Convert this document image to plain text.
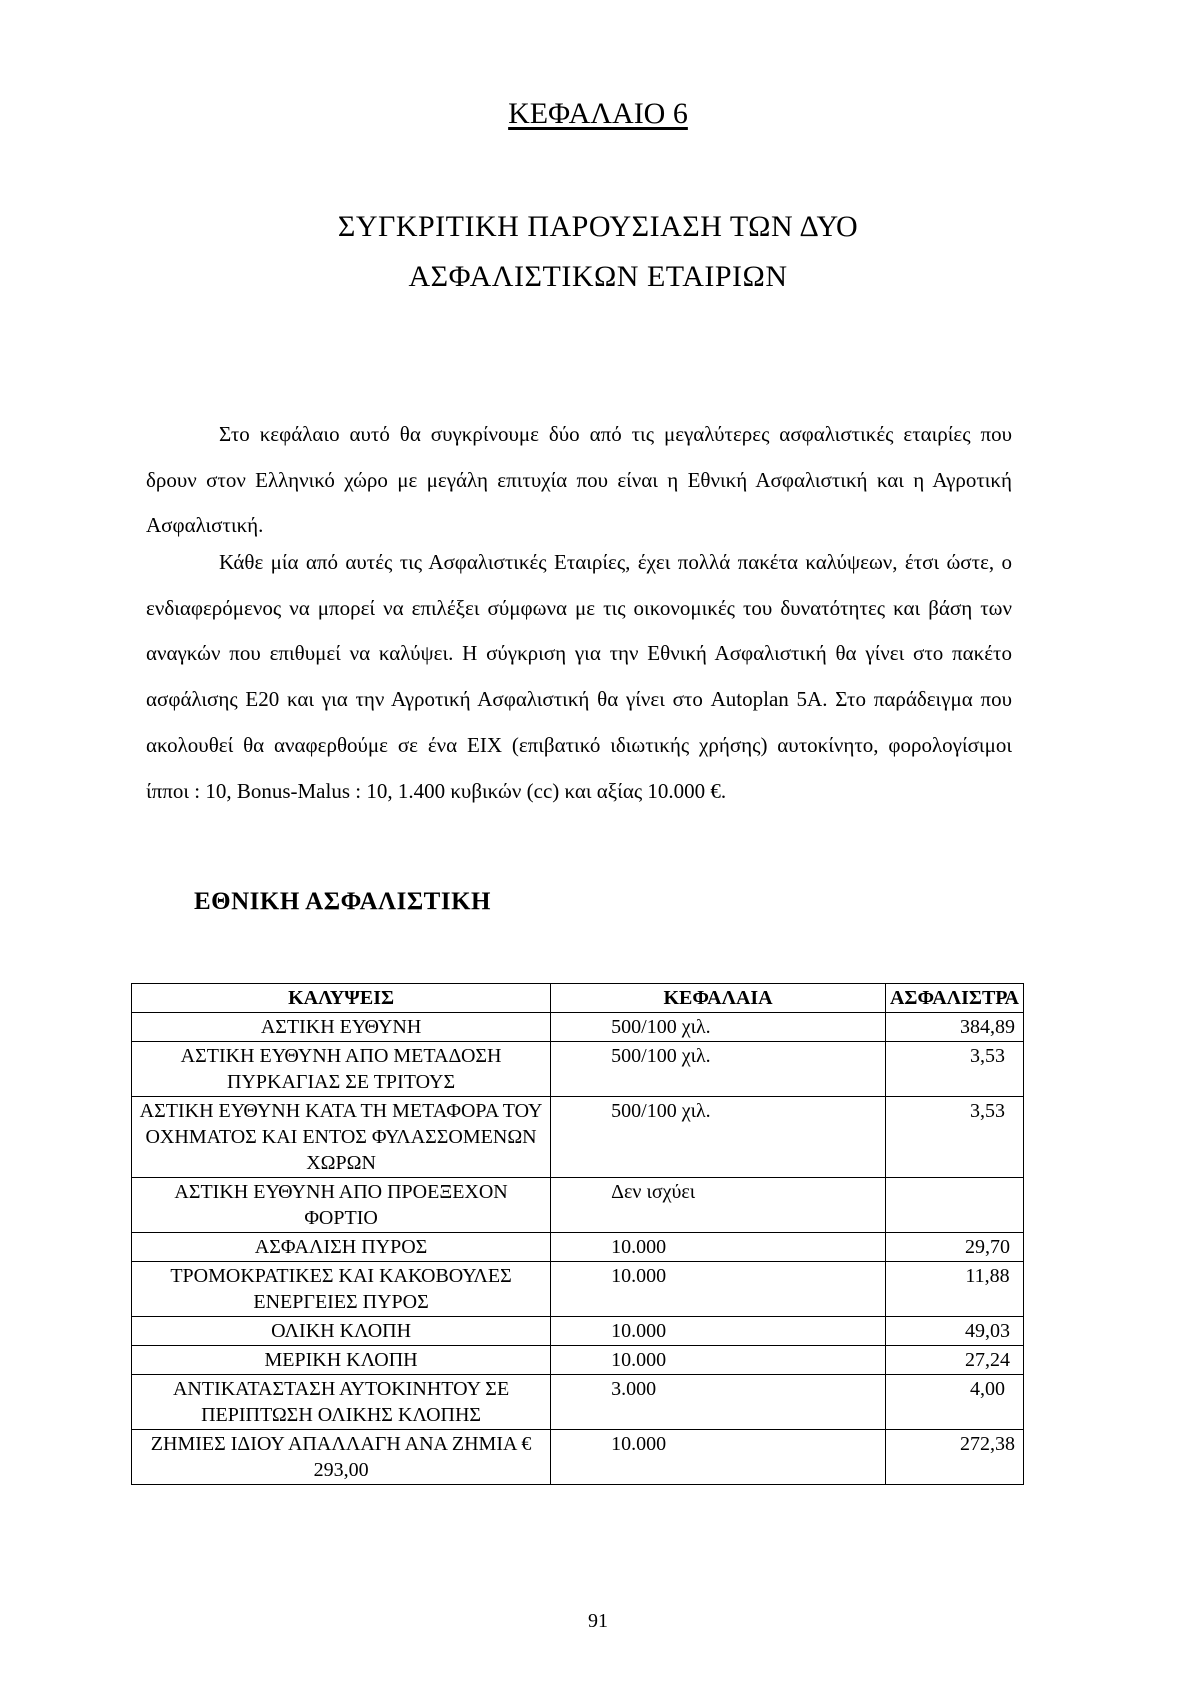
ΚΕΦΑΛΑΙΟ 6
ΣΥΓΚΡΙΤΙΚΗ ΠΑΡΟΥΣΙΑΣΗ ΤΩΝ ΔΥΟ
ΑΣΦΑΛΙΣΤΙΚΩΝ ΕΤΑΙΡΙΩΝ
Στο κεφάλαιο αυτό θα συγκρίνουμε δύο από τις μεγαλύτερες ασφαλιστικές εταιρίες που δρουν στον Ελληνικό χώρο με μεγάλη επιτυχία που είναι η Εθνική Ασφαλιστική και η Αγροτική Ασφαλιστική.
Κάθε μία από αυτές τις Ασφαλιστικές Εταιρίες, έχει πολλά πακέτα καλύψεων, έτσι ώστε, ο ενδιαφερόμενος να μπορεί να επιλέξει σύμφωνα με τις οικονομικές του δυνατότητες και βάση των αναγκών που επιθυμεί να καλύψει. Η σύγκριση για την Εθνική Ασφαλιστική θα γίνει στο πακέτο ασφάλισης Ε20 και για την Αγροτική Ασφαλιστική θα γίνει στο Autoplan 5A. Στο παράδειγμα που ακολουθεί θα αναφερθούμε σε ένα ΕΙΧ (επιβατικό ιδιωτικής χρήσης) αυτοκίνητο, φορολογίσιμοι ίπποι : 10, Bonus-Malus : 10, 1.400 κυβικών (cc) και αξίας 10.000 €.
ΕΘΝΙΚΗ ΑΣΦΑΛΙΣΤΙΚΗ
ΚΑΛΥΨΕΙΣ	ΚΕΦΑΛΑΙΑ	ΑΣΦΑΛΙΣΤΡΑ
ΑΣΤΙΚΗ ΕΥΘΥΝΗ	500/100 χιλ.	384,89
ΑΣΤΙΚΗ ΕΥΘΥΝΗ ΑΠΟ ΜΕΤΑΔΟΣΗ ΠΥΡΚΑΓΙΑΣ ΣΕ ΤΡΙΤΟΥΣ	500/100 χιλ.	3,53
ΑΣΤΙΚΗ ΕΥΘΥΝΗ ΚΑΤΑ ΤΗ ΜΕΤΑΦΟΡΑ ΤΟΥ ΟΧΗΜΑΤΟΣ ΚΑΙ ΕΝΤΟΣ ΦΥΛΑΣΣΟΜΕΝΩΝ ΧΩΡΩΝ	500/100 χιλ.	3,53
ΑΣΤΙΚΗ ΕΥΘΥΝΗ ΑΠΟ ΠΡΟΕΞΕΧΟΝ ΦΟΡΤΙΟ	Δεν ισχύει	
ΑΣΦΑΛΙΣΗ ΠΥΡΟΣ	10.000	29,70
ΤΡΟΜΟΚΡΑΤΙΚΕΣ ΚΑΙ ΚΑΚΟΒΟΥΛΕΣ ΕΝΕΡΓΕΙΕΣ ΠΥΡΟΣ	10.000	11,88
ΟΛΙΚΗ ΚΛΟΠΗ	10.000	49,03
ΜΕΡΙΚΗ ΚΛΟΠΗ	10.000	27,24
ΑΝΤΙΚΑΤΑΣΤΑΣΗ ΑΥΤΟΚΙΝΗΤΟΥ ΣΕ ΠΕΡΙΠΤΩΣΗ ΟΛΙΚΗΣ ΚΛΟΠΗΣ	3.000	4,00
ΖΗΜΙΕΣ ΙΔΙΟΥ ΑΠΑΛΛΑΓΗ ΑΝΑ ΖΗΜΙΑ € 293,00	10.000	272,38
91
